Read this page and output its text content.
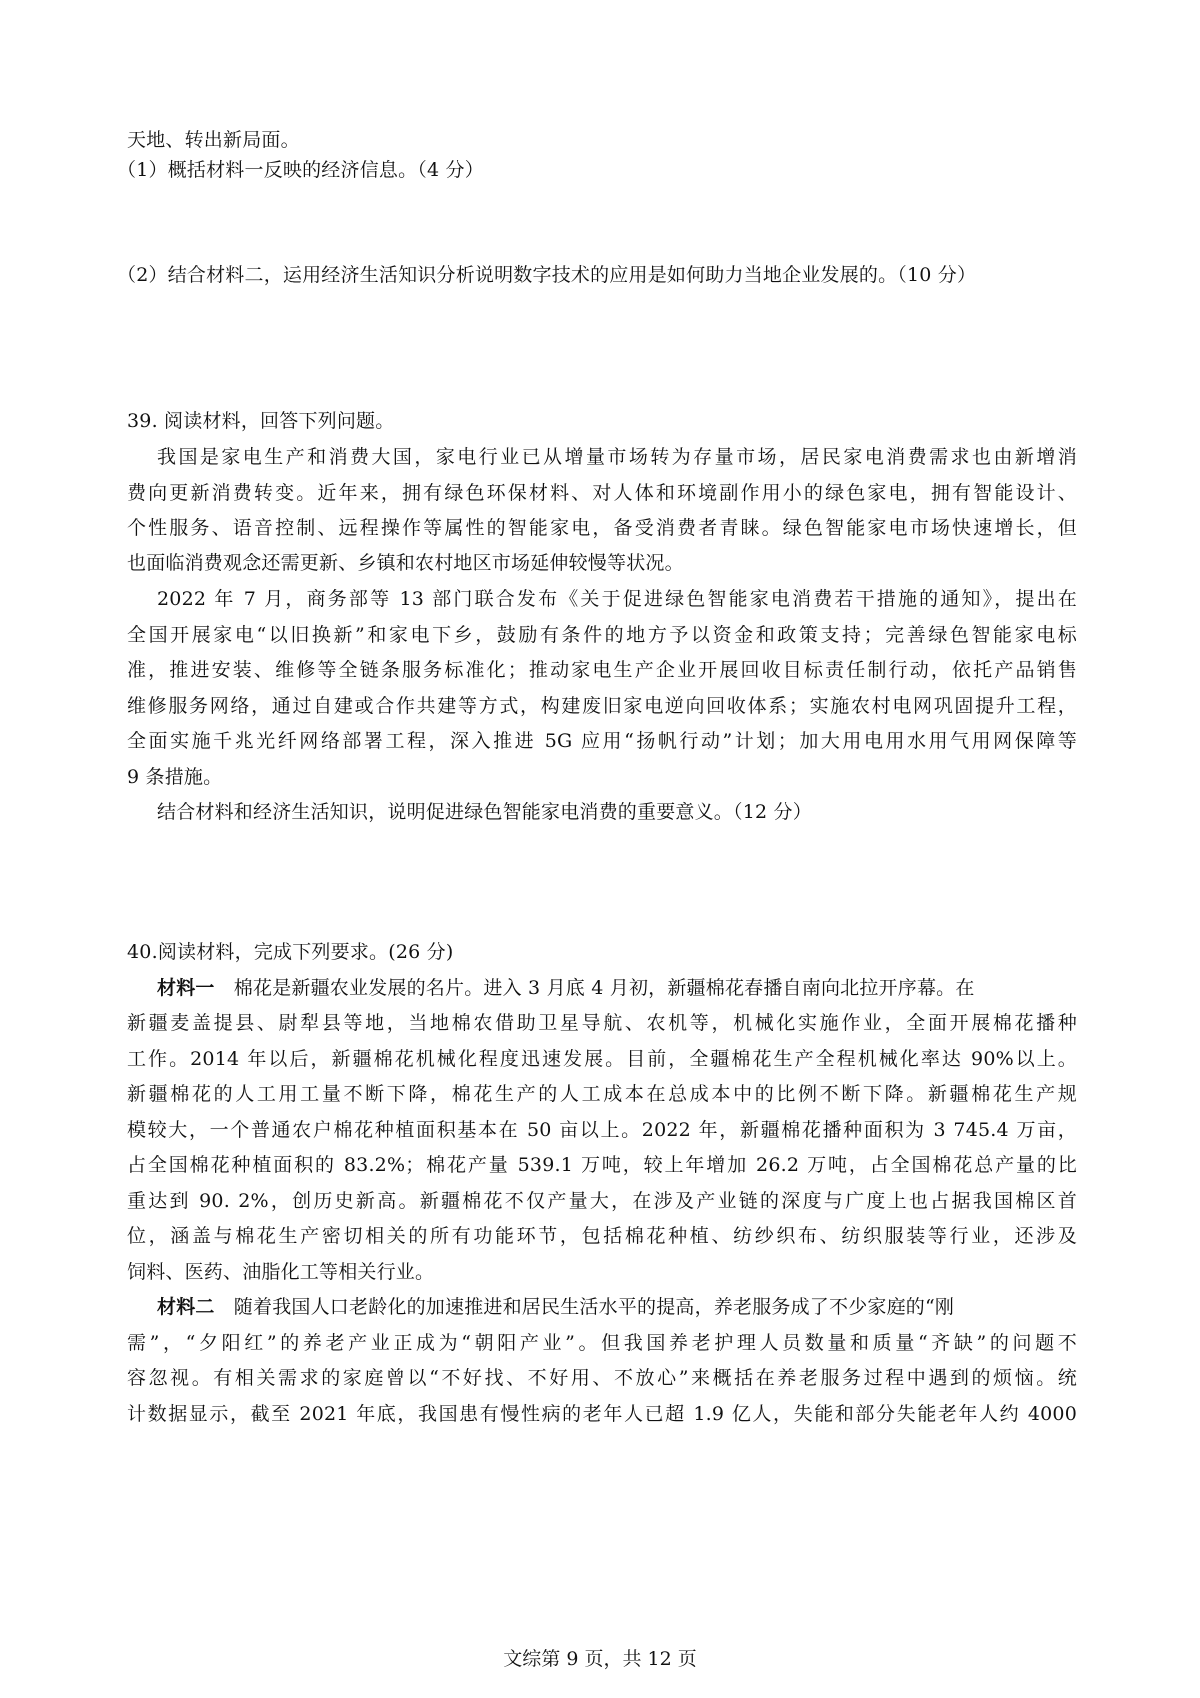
天地、转出新局面。
（1）概括材料一反映的经济信息。（4 分）
（2）结合材料二，运用经济生活知识分析说明数字技术的应用是如何助力当地企业发展的。（10 分）
39. 阅读材料，回答下列问题。
我国是家电生产和消费大国，家电行业已从增量市场转为存量市场，居民家电消费需求也由新增消
费向更新消费转变。近年来，拥有绿色环保材料、对人体和环境副作用小的绿色家电，拥有智能设计、
个性服务、语音控制、远程操作等属性的智能家电，备受消费者青睐。绿色智能家电市场快速增长，但
也面临消费观念还需更新、乡镇和农村地区市场延伸较慢等状况。
2022 年 7 月，商务部等 13 部门联合发布《关于促进绿色智能家电消费若干措施的通知》，提出在
全国开展家电“以旧换新”和家电下乡，鼓励有条件的地方予以资金和政策支持；完善绿色智能家电标
准，推进安装、维修等全链条服务标准化；推动家电生产企业开展回收目标责任制行动，依托产品销售
维修服务网络，通过自建或合作共建等方式，构建废旧家电逆向回收体系；实施农村电网巩固提升工程，
全面实施千兆光纤网络部署工程，深入推进 5G 应用“扬帆行动”计划；加大用电用水用气用网保障等
9 条措施。
结合材料和经济生活知识，说明促进绿色智能家电消费的重要意义。（12 分）
40.阅读材料，完成下列要求。(26 分)
材料一　棉花是新疆农业发展的名片。进入 3 月底 4 月初，新疆棉花春播自南向北拉开序幕。在
新疆麦盖提县、尉犁县等地，当地棉农借助卫星导航、农机等，机械化实施作业，全面开展棉花播种
工作。2014 年以后，新疆棉花机械化程度迅速发展。目前，全疆棉花生产全程机械化率达 90%以上。
新疆棉花的人工用工量不断下降，棉花生产的人工成本在总成本中的比例不断下降。新疆棉花生产规
模较大，一个普通农户棉花种植面积基本在 50 亩以上。2022 年，新疆棉花播种面积为 3 745.4 万亩，
占全国棉花种植面积的 83.2%；棉花产量 539.1 万吨，较上年增加 26.2 万吨，占全国棉花总产量的比
重达到 90. 2%，创历史新高。新疆棉花不仅产量大，在涉及产业链的深度与广度上也占据我国棉区首
位，涵盖与棉花生产密切相关的所有功能环节，包括棉花种植、纺纱织布、纺织服装等行业，还涉及
饲料、医药、油脂化工等相关行业。
材料二　随着我国人口老龄化的加速推进和居民生活水平的提高，养老服务成了不少家庭的“刚
需”，“夕阳红”的养老产业正成为“朝阳产业”。但我国养老护理人员数量和质量“齐缺”的问题不
容忽视。有相关需求的家庭曾以“不好找、不好用、不放心”来概括在养老服务过程中遇到的烦恼。统
计数据显示，截至 2021 年底，我国患有慢性病的老年人已超 1.9 亿人，失能和部分失能老年人约 4000
文综第 9 页，共 12 页
